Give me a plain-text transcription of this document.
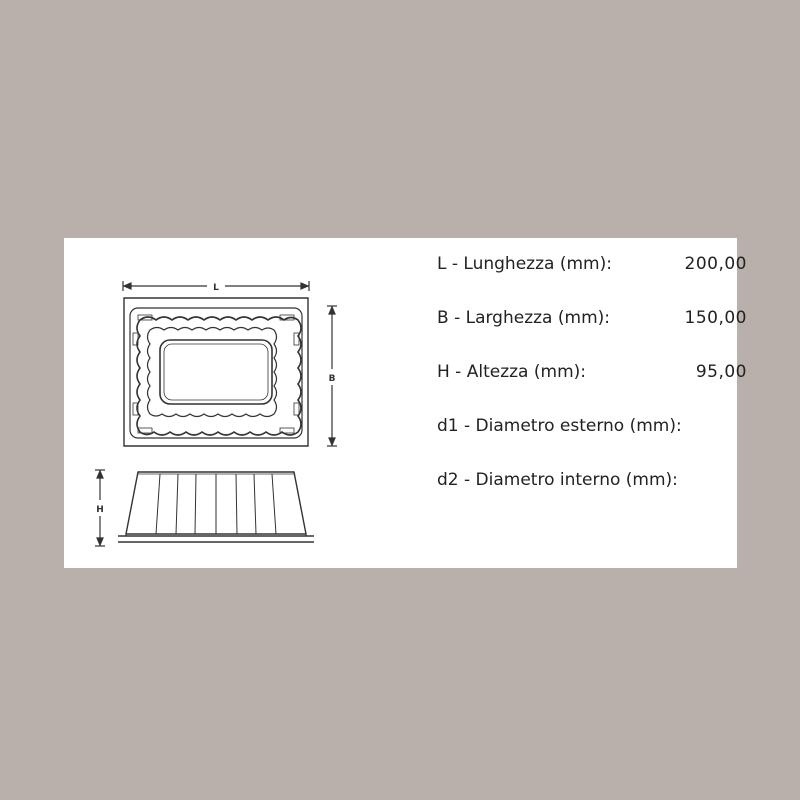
L
B
H
L - Lunghezza (mm):	200,00
B - Larghezza (mm):	150,00
H - Altezza (mm):	95,00
d1 - Diametro esterno (mm):
d2 - Diametro interno (mm):
